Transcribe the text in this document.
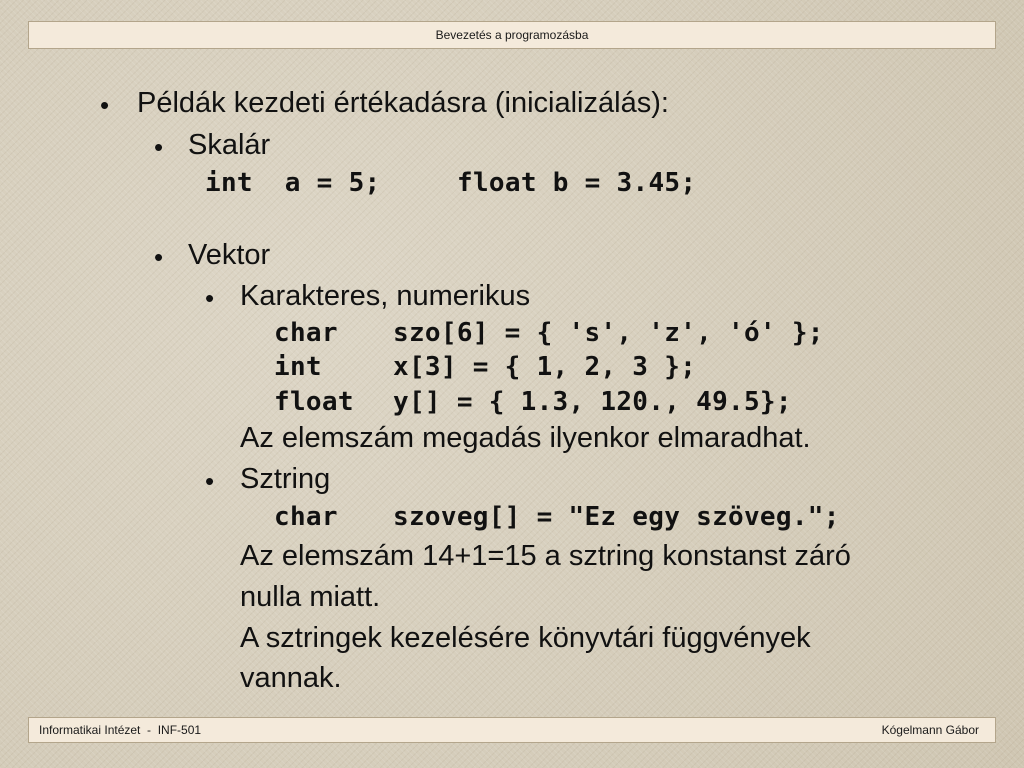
Bevezetés a programozásba
• Példák kezdeti értékadásra (inicializálás):
• Skalár
int  a = 5;	float b = 3.45;
• Vektor
• Karakteres, numerikus
char szo[6] = { 's', 'z', 'ó' };
int	x[3] = { 1, 2, 3 };
float y[] = { 1.3, 120., 49.5};
Az elemszám megadás ilyenkor elmaradhat.
• Sztring
char szoveg[] = "Ez egy szöveg.";
Az elemszám 14+1=15 a sztring konstanst záró
nulla miatt.
A sztringek kezelésére könyvtári függvények
vannak.
Informatikai Intézet  -  INF-501	Kógelmann Gábor
